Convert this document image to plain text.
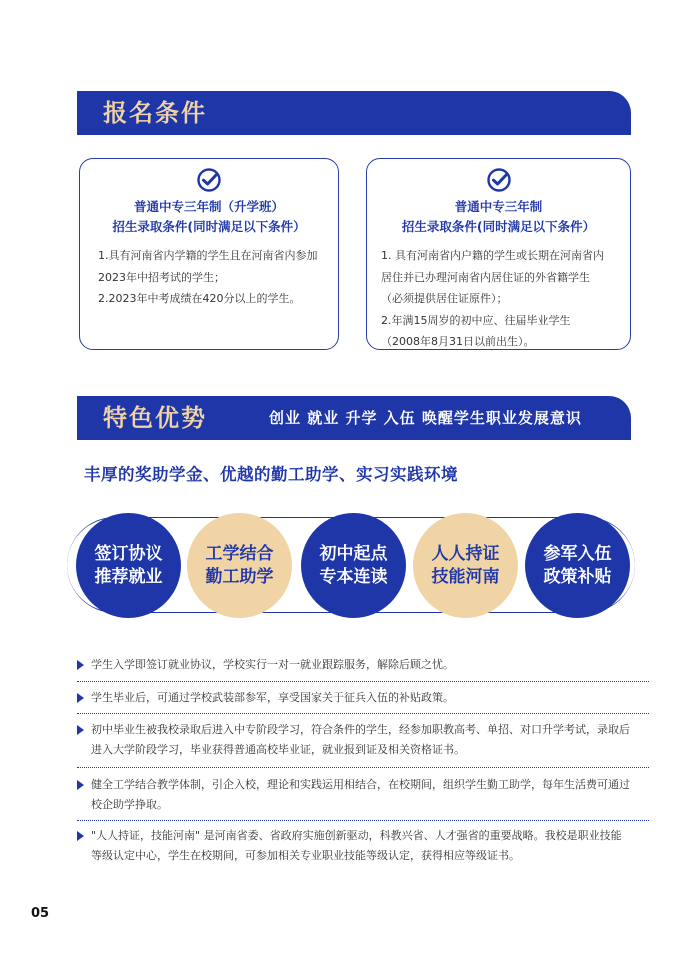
报名条件
普通中专三年制（升学班）
招生录取条件(同时满足以下条件）
1.具有河南省内学籍的学生且在河南省内参加
2023年中招考试的学生；
2.2023年中考成绩在420分以上的学生。
普通中专三年制
招生录取条件(同时满足以下条件）
1. 具有河南省内户籍的学生或长期在河南省内
居住并已办理河南省内居住证的外省籍学生
（必须提供居住证原件）；
2.年满15周岁的初中应、往届毕业学生
（2008年8月31日以前出生）。
特色优势	创业 就业 升学 入伍 唤醒学生职业发展意识
丰厚的奖助学金、优越的勤工助学、实习实践环境
签订协议
推荐就业
工学结合
勤工助学
初中起点
专本连读
人人持证
技能河南
参军入伍
政策补贴
学生入学即签订就业协议，学校实行一对一就业跟踪服务，解除后顾之忧。
学生毕业后，可通过学校武装部参军，享受国家关于征兵入伍的补贴政策。
初中毕业生被我校录取后进入中专阶段学习，符合条件的学生，经参加职教高考、单招、对口升学考试，录取后
进入大学阶段学习，毕业获得普通高校毕业证，就业报到证及相关资格证书。
健全工学结合教学体制，引企入校，理论和实践运用相结合，在校期间，组织学生勤工助学，每年生活费可通过
校企助学挣取。
"人人持证，技能河南" 是河南省委、省政府实施创新驱动，科教兴省、人才强省的重要战略。我校是职业技能
等级认定中心，学生在校期间，可参加相关专业职业技能等级认定，获得相应等级证书。
05
